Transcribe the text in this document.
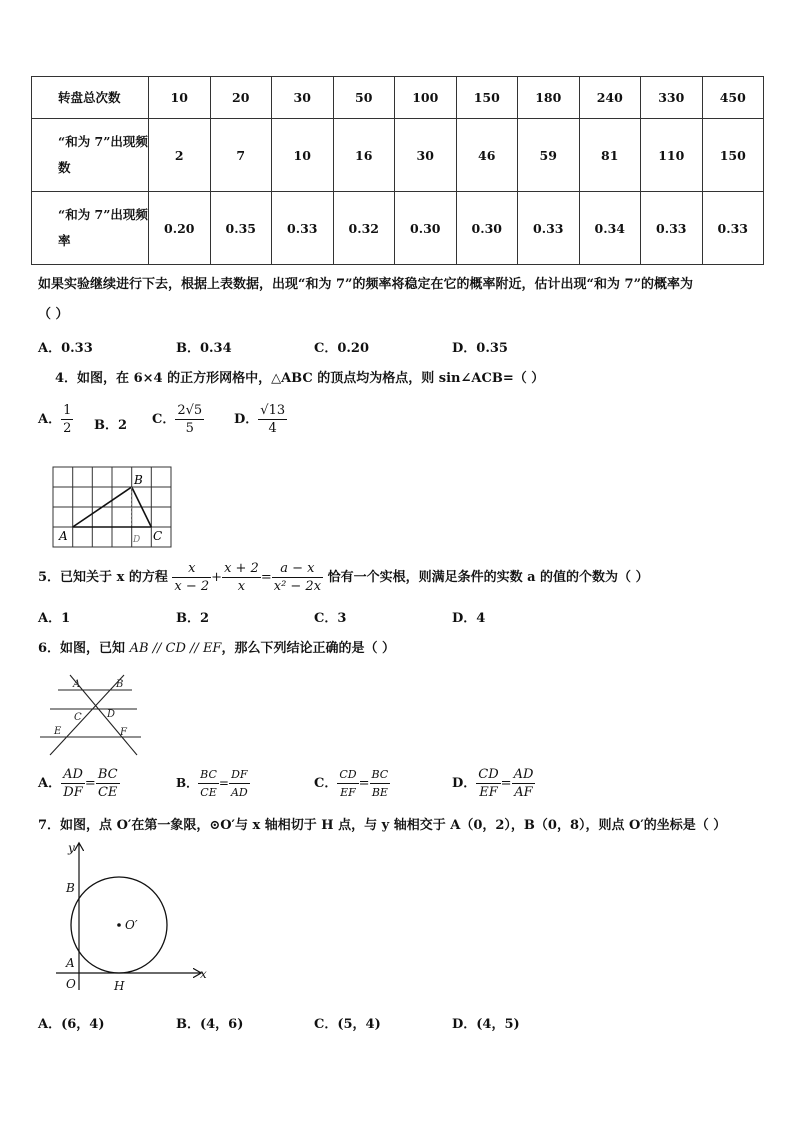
转盘总次数	10	20	30	50	100	150	180	240	330	450
“和为 7”出现频数	2	7	10	16	30	46	59	81	110	150
“和为 7”出现频率	0.20	0.35	0.33	0.32	0.30	0.30	0.33	0.34	0.33	0.33
如果实验继续进行下去，根据上表数据，出现“和为 7”的频率将稳定在它的概率附近，估计出现“和为 7”的概率为
（ ）
A．0.33	B．0.34	C．0.20	D．0.35
4．如图，在 6×4 的正方形网格中，△ABC 的顶点均为格点，则 sin∠ACB=（ ）
A． $\frac{1}{2}$ B．2 C． $\frac{2√5}{5}$ D． $\frac{√13}{4}$
A
B
C
D
5．已知关于 x 的方程 $\frac{x}{x - 2} + \frac{x + 2}{x} = \frac{a - x}{\text{x² − 2x}}$ 恰有一个实根，则满足条件的实数 a 的值的个数为（ ）
A．1	B．2	C．3	D．4
6．如图，已知 AB // CD // EF，那么下列结论正确的是（ ）
A	B
C	D
E	F
A． $\frac{AD}{DF} = \frac{BC}{CE}$	B． $\frac{BC}{CE} = \frac{DF}{AD}$	C． $\frac{CD}{EF} = \frac{BC}{BE}$	D． $\frac{CD}{EF} = \frac{AD}{AF}$
7．如图，点 O′在第一象限，⊙O′与 x 轴相切于 H 点，与 y 轴相交于 A（0，2），B（0，8），则点 O′的坐标是（ ）
y
x
B
A
O	H
O′
A．(6，4)	B．(4，6)	C．(5，4)	D．(4，5)
